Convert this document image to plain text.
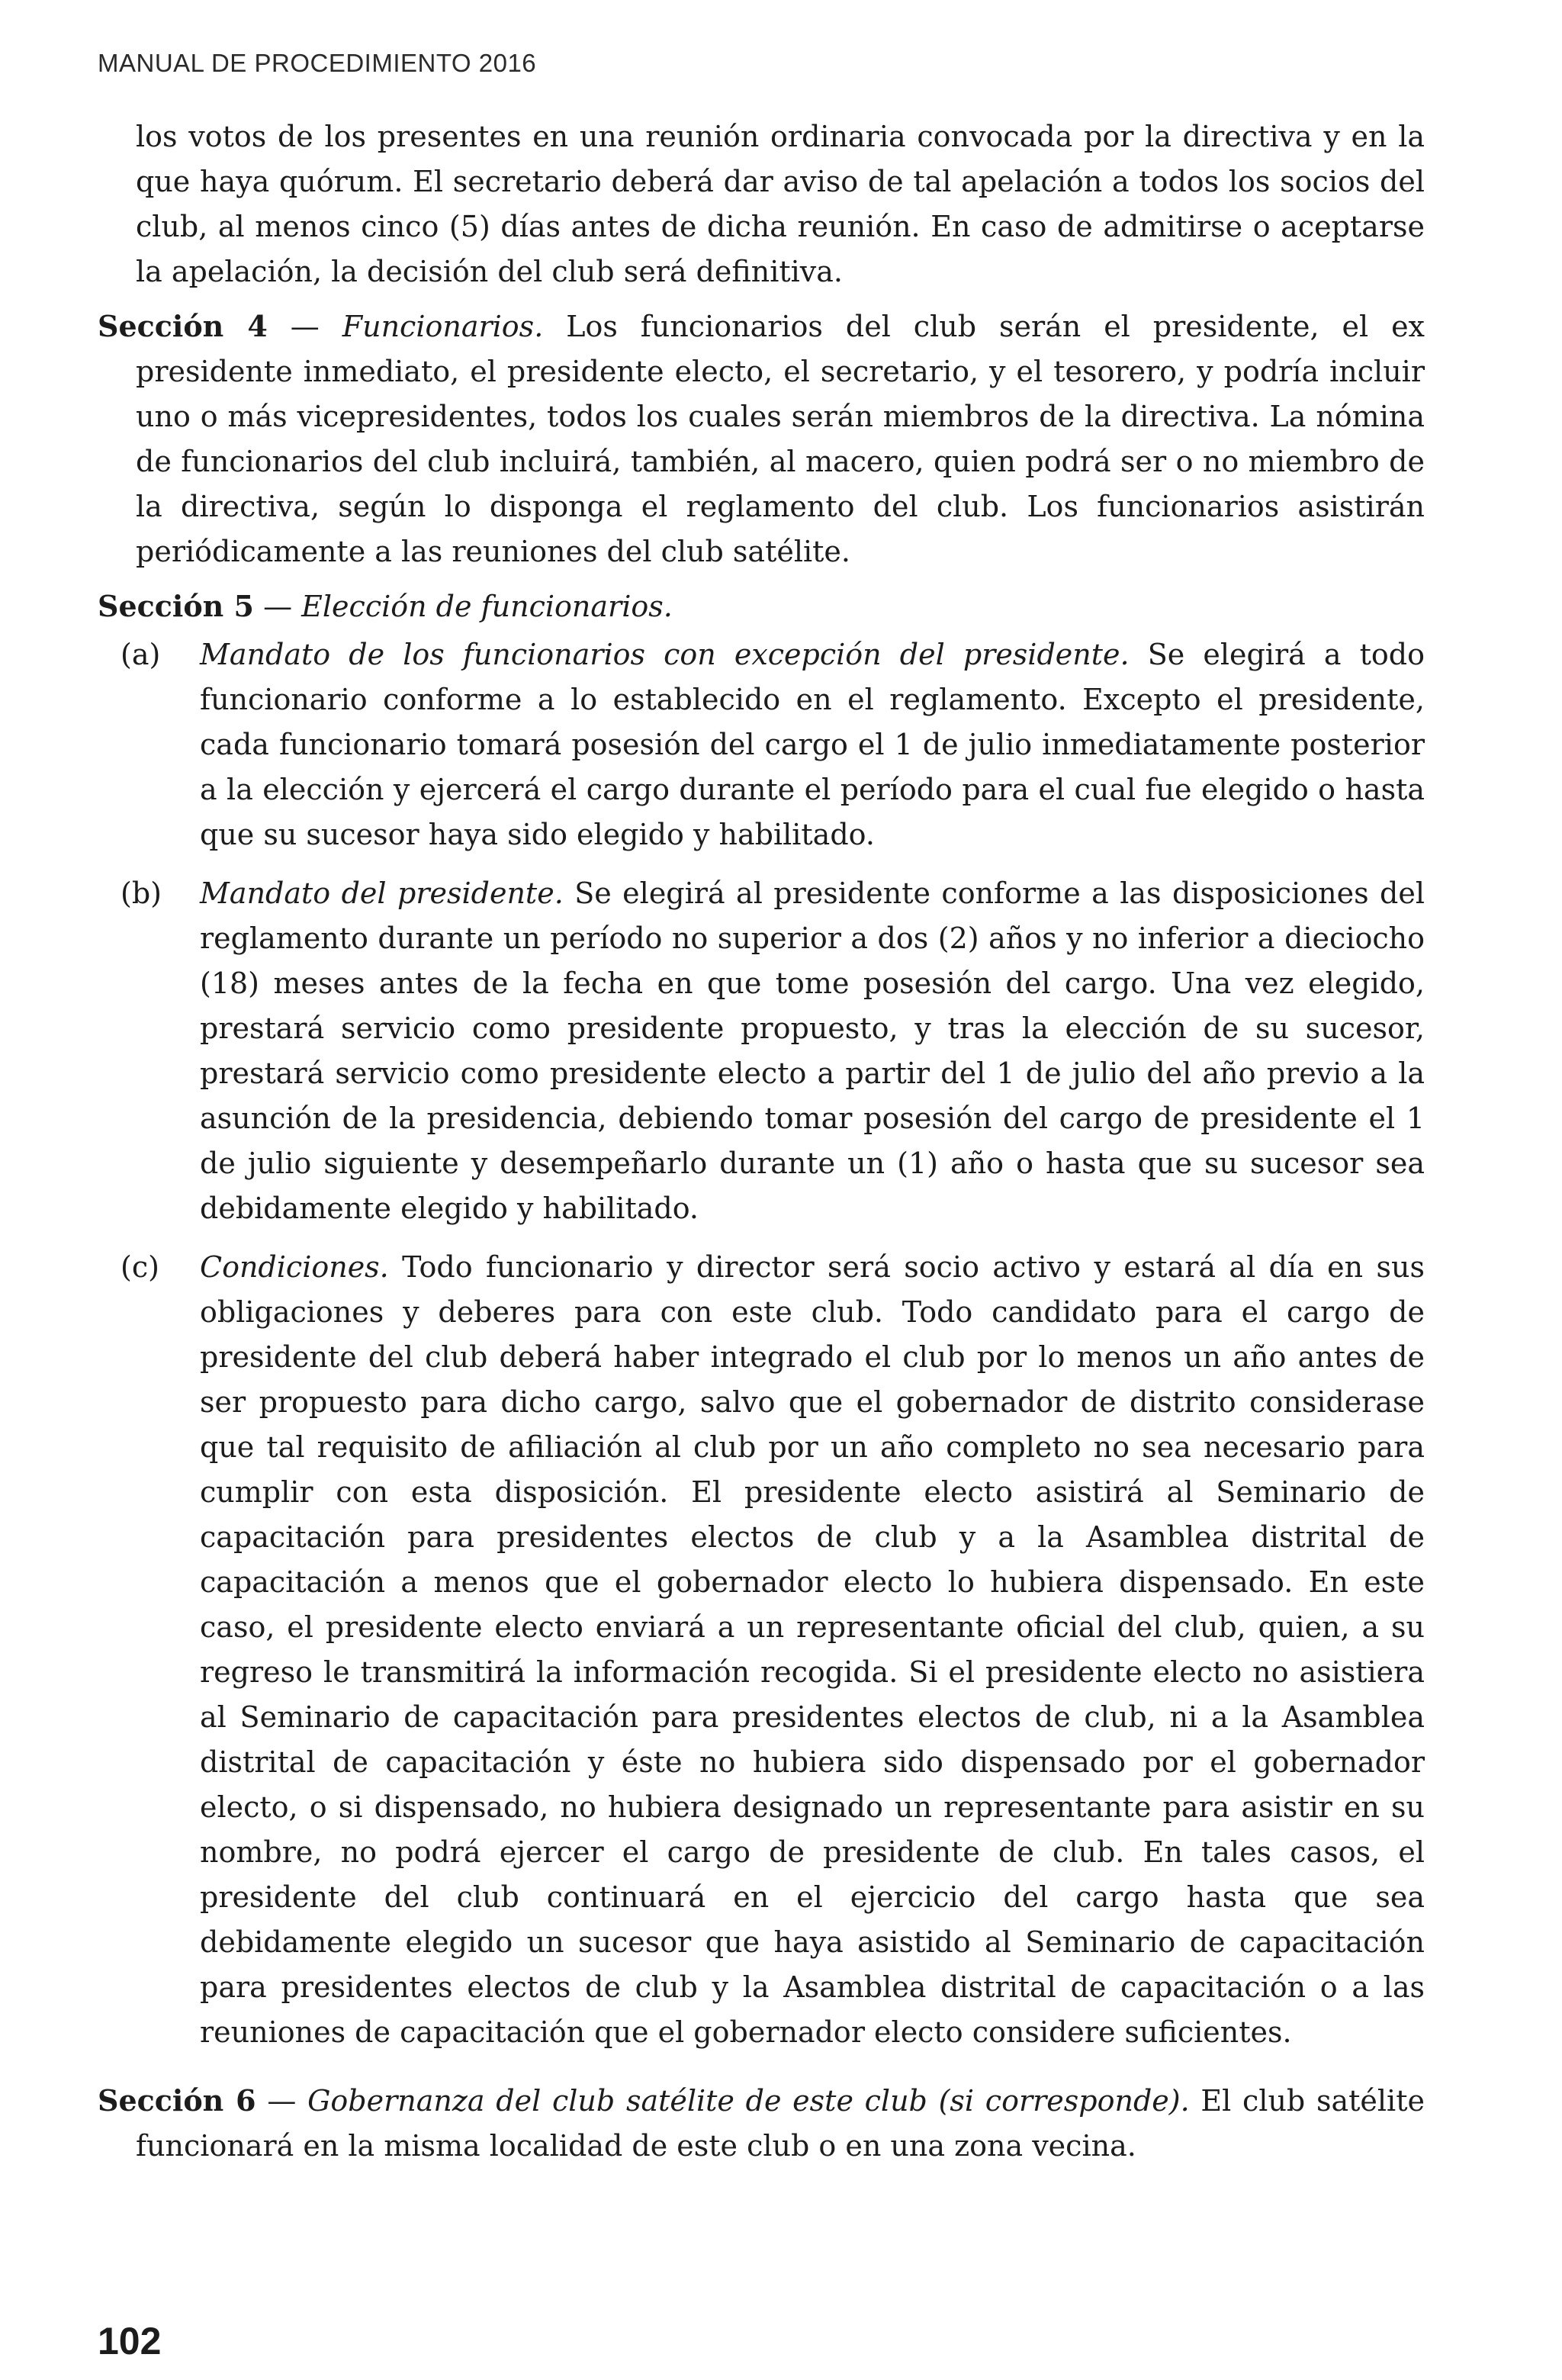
MANUAL DE PROCEDIMIENTO 2016

los votos de los presentes en una reunión ordinaria convocada por la directiva y en la que haya quórum. El secretario deberá dar aviso de tal apelación a todos los socios del club, al menos cinco (5) días antes de dicha reunión. En caso de admitirse o aceptarse la apelación, la decisión del club será definitiva.

Sección 4 — Funcionarios. Los funcionarios del club serán el presidente, el ex presidente inmediato, el presidente electo, el secretario, y el tesorero, y podría incluir uno o más vicepresidentes, todos los cuales serán miembros de la directiva. La nómina de funcionarios del club incluirá, también, al macero, quien podrá ser o no miembro de la directiva, según lo disponga el reglamento del club. Los funcionarios asistirán periódicamente a las reuniones del club satélite.

Sección 5 — Elección de funcionarios.

(a) Mandato de los funcionarios con excepción del presidente. Se elegirá a todo funcionario conforme a lo establecido en el reglamento. Excepto el presidente, cada funcionario tomará posesión del cargo el 1 de julio inmediatamente posterior a la elección y ejercerá el cargo durante el período para el cual fue elegido o hasta que su sucesor haya sido elegido y habilitado.
(b) Mandato del presidente. Se elegirá al presidente conforme a las disposiciones del reglamento durante un período no superior a dos (2) años y no inferior a dieciocho (18) meses antes de la fecha en que tome posesión del cargo. Una vez elegido, prestará servicio como presidente propuesto, y tras la elección de su sucesor, prestará servicio como presidente electo a partir del 1 de julio del año previo a la asunción de la presidencia, debiendo tomar posesión del cargo de presidente el 1 de julio siguiente y desempeñarlo durante un (1) año o hasta que su sucesor sea debidamente elegido y habilitado.
(c) Condiciones. Todo funcionario y director será socio activo y estará al día en sus obligaciones y deberes para con este club. Todo candidato para el cargo de presidente del club deberá haber integrado el club por lo menos un año antes de ser propuesto para dicho cargo, salvo que el gobernador de distrito considerase que tal requisito de afiliación al club por un año completo no sea necesario para cumplir con esta disposición. El presidente electo asistirá al Seminario de capacitación para presidentes electos de club y a la Asamblea distrital de capacitación a menos que el gobernador electo lo hubiera dispensado. En este caso, el presidente electo enviará a un representante oficial del club, quien, a su regreso le transmitirá la información recogida. Si el presidente electo no asistiera al Seminario de capacitación para presidentes electos de club, ni a la Asamblea distrital de capacitación y éste no hubiera sido dispensado por el gobernador electo, o si dispensado, no hubiera designado un representante para asistir en su nombre, no podrá ejercer el cargo de presidente de club. En tales casos, el presidente del club continuará en el ejercicio del cargo hasta que sea debidamente elegido un sucesor que haya asistido al Seminario de capacitación para presidentes electos de club y la Asamblea distrital de capacitación o a las reuniones de capacitación que el gobernador electo considere suficientes.

Sección 6 — Gobernanza del club satélite de este club (si corresponde). El club satélite funcionará en la misma localidad de este club o en una zona vecina.

102
